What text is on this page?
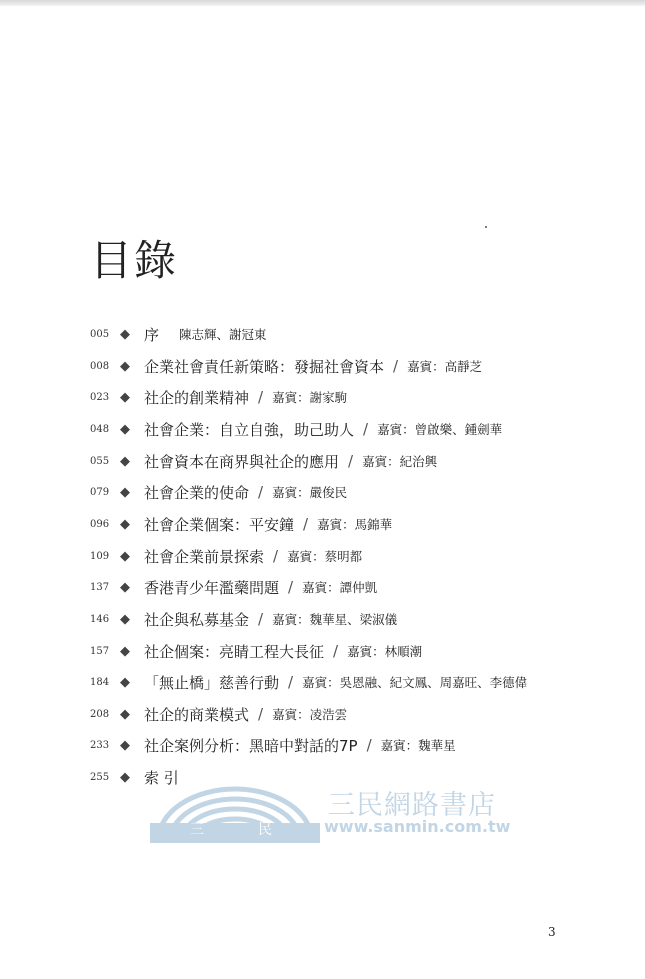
目錄
005 ◆ 序 陳志輝、謝冠東
008 ◆ 企業社會責任新策略：發掘社會資本 / 嘉賓：高靜芝
023 ◆ 社企的創業精神 / 嘉賓：謝家駒
048 ◆ 社會企業：自立自強，助己助人 / 嘉賓：曾啟樂、鍾劍華
055 ◆ 社會資本在商界與社企的應用 / 嘉賓：紀治興
079 ◆ 社會企業的使命 / 嘉賓：嚴俊民
096 ◆ 社會企業個案：平安鐘 / 嘉賓：馬錦華
109 ◆ 社會企業前景探索 / 嘉賓：蔡明都
137 ◆ 香港青少年濫藥問題 / 嘉賓：譚仲凱
146 ◆ 社企與私募基金 / 嘉賓：魏華星、梁淑儀
157 ◆ 社企個案：亮睛工程大長征 / 嘉賓：林順潮
184 ◆ 「無止橋」慈善行動 / 嘉賓：吳恩融、紀文鳳、周嘉旺、李德偉
208 ◆ 社企的商業模式 / 嘉賓：凌浩雲
233 ◆ 社企案例分析：黑暗中對話的7P / 嘉賓：魏華星
255 ◆ 索 引
三	民
三民網路書店
www.sanmin.com.tw
3
